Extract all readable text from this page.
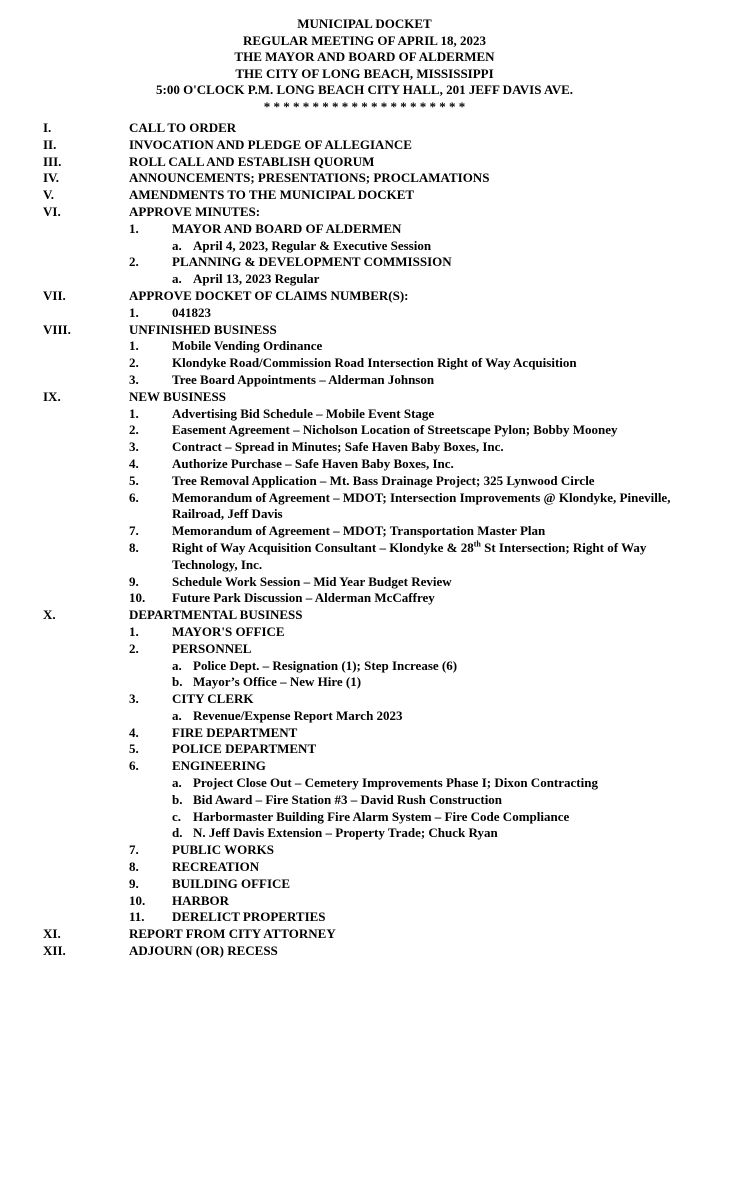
MUNICIPAL DOCKET
REGULAR MEETING OF APRIL 18, 2023
THE MAYOR AND BOARD OF ALDERMEN
THE CITY OF LONG BEACH, MISSISSIPPI
5:00 O'CLOCK P.M. LONG BEACH CITY HALL, 201 JEFF DAVIS AVE.
* * * * * * * * * * * * * * * * * * * * *
I.	CALL TO ORDER
II.	INVOCATION AND PLEDGE OF ALLEGIANCE
III.	ROLL CALL AND ESTABLISH QUORUM
IV.	ANNOUNCEMENTS; PRESENTATIONS; PROCLAMATIONS
V.	AMENDMENTS TO THE MUNICIPAL DOCKET
VI.	APPROVE MINUTES:
1.	MAYOR AND BOARD OF ALDERMEN
a. April 4, 2023, Regular & Executive Session
2.	PLANNING & DEVELOPMENT COMMISSION
a. April 13, 2023 Regular
VII.	APPROVE DOCKET OF CLAIMS NUMBER(S):
1.	041823
VIII.	UNFINISHED BUSINESS
1.	Mobile Vending Ordinance
2.	Klondyke Road/Commission Road Intersection Right of Way Acquisition
3.	Tree Board Appointments – Alderman Johnson
IX.	NEW BUSINESS
1.	Advertising Bid Schedule – Mobile Event Stage
2.	Easement Agreement – Nicholson Location of Streetscape Pylon; Bobby Mooney
3.	Contract – Spread in Minutes; Safe Haven Baby Boxes, Inc.
4.	Authorize Purchase – Safe Haven Baby Boxes, Inc.
5.	Tree Removal Application – Mt. Bass Drainage Project; 325 Lynwood Circle
6.	Memorandum of Agreement – MDOT; Intersection Improvements @ Klondyke, Pineville, Railroad, Jeff Davis
7.	Memorandum of Agreement – MDOT; Transportation Master Plan
8.	Right of Way Acquisition Consultant – Klondyke & 28th St Intersection; Right of Way Technology, Inc.
9.	Schedule Work Session – Mid Year Budget Review
10. Future Park Discussion – Alderman McCaffrey
X.	DEPARTMENTAL BUSINESS
1.	MAYOR'S OFFICE
2.	PERSONNEL
a. Police Dept. – Resignation (1); Step Increase (6)
b. Mayor’s Office – New Hire (1)
3.	CITY CLERK
a. Revenue/Expense Report March 2023
4.	FIRE DEPARTMENT
5.	POLICE DEPARTMENT
6.	ENGINEERING
a. Project Close Out – Cemetery Improvements Phase I; Dixon Contracting
b. Bid Award – Fire Station #3 – David Rush Construction
c. Harbormaster Building Fire Alarm System – Fire Code Compliance
d. N. Jeff Davis Extension – Property Trade; Chuck Ryan
7.	PUBLIC WORKS
8.	RECREATION
9.	BUILDING OFFICE
10. HARBOR
11. DERELICT PROPERTIES
XI.	REPORT FROM CITY ATTORNEY
XII.	ADJOURN (OR) RECESS
